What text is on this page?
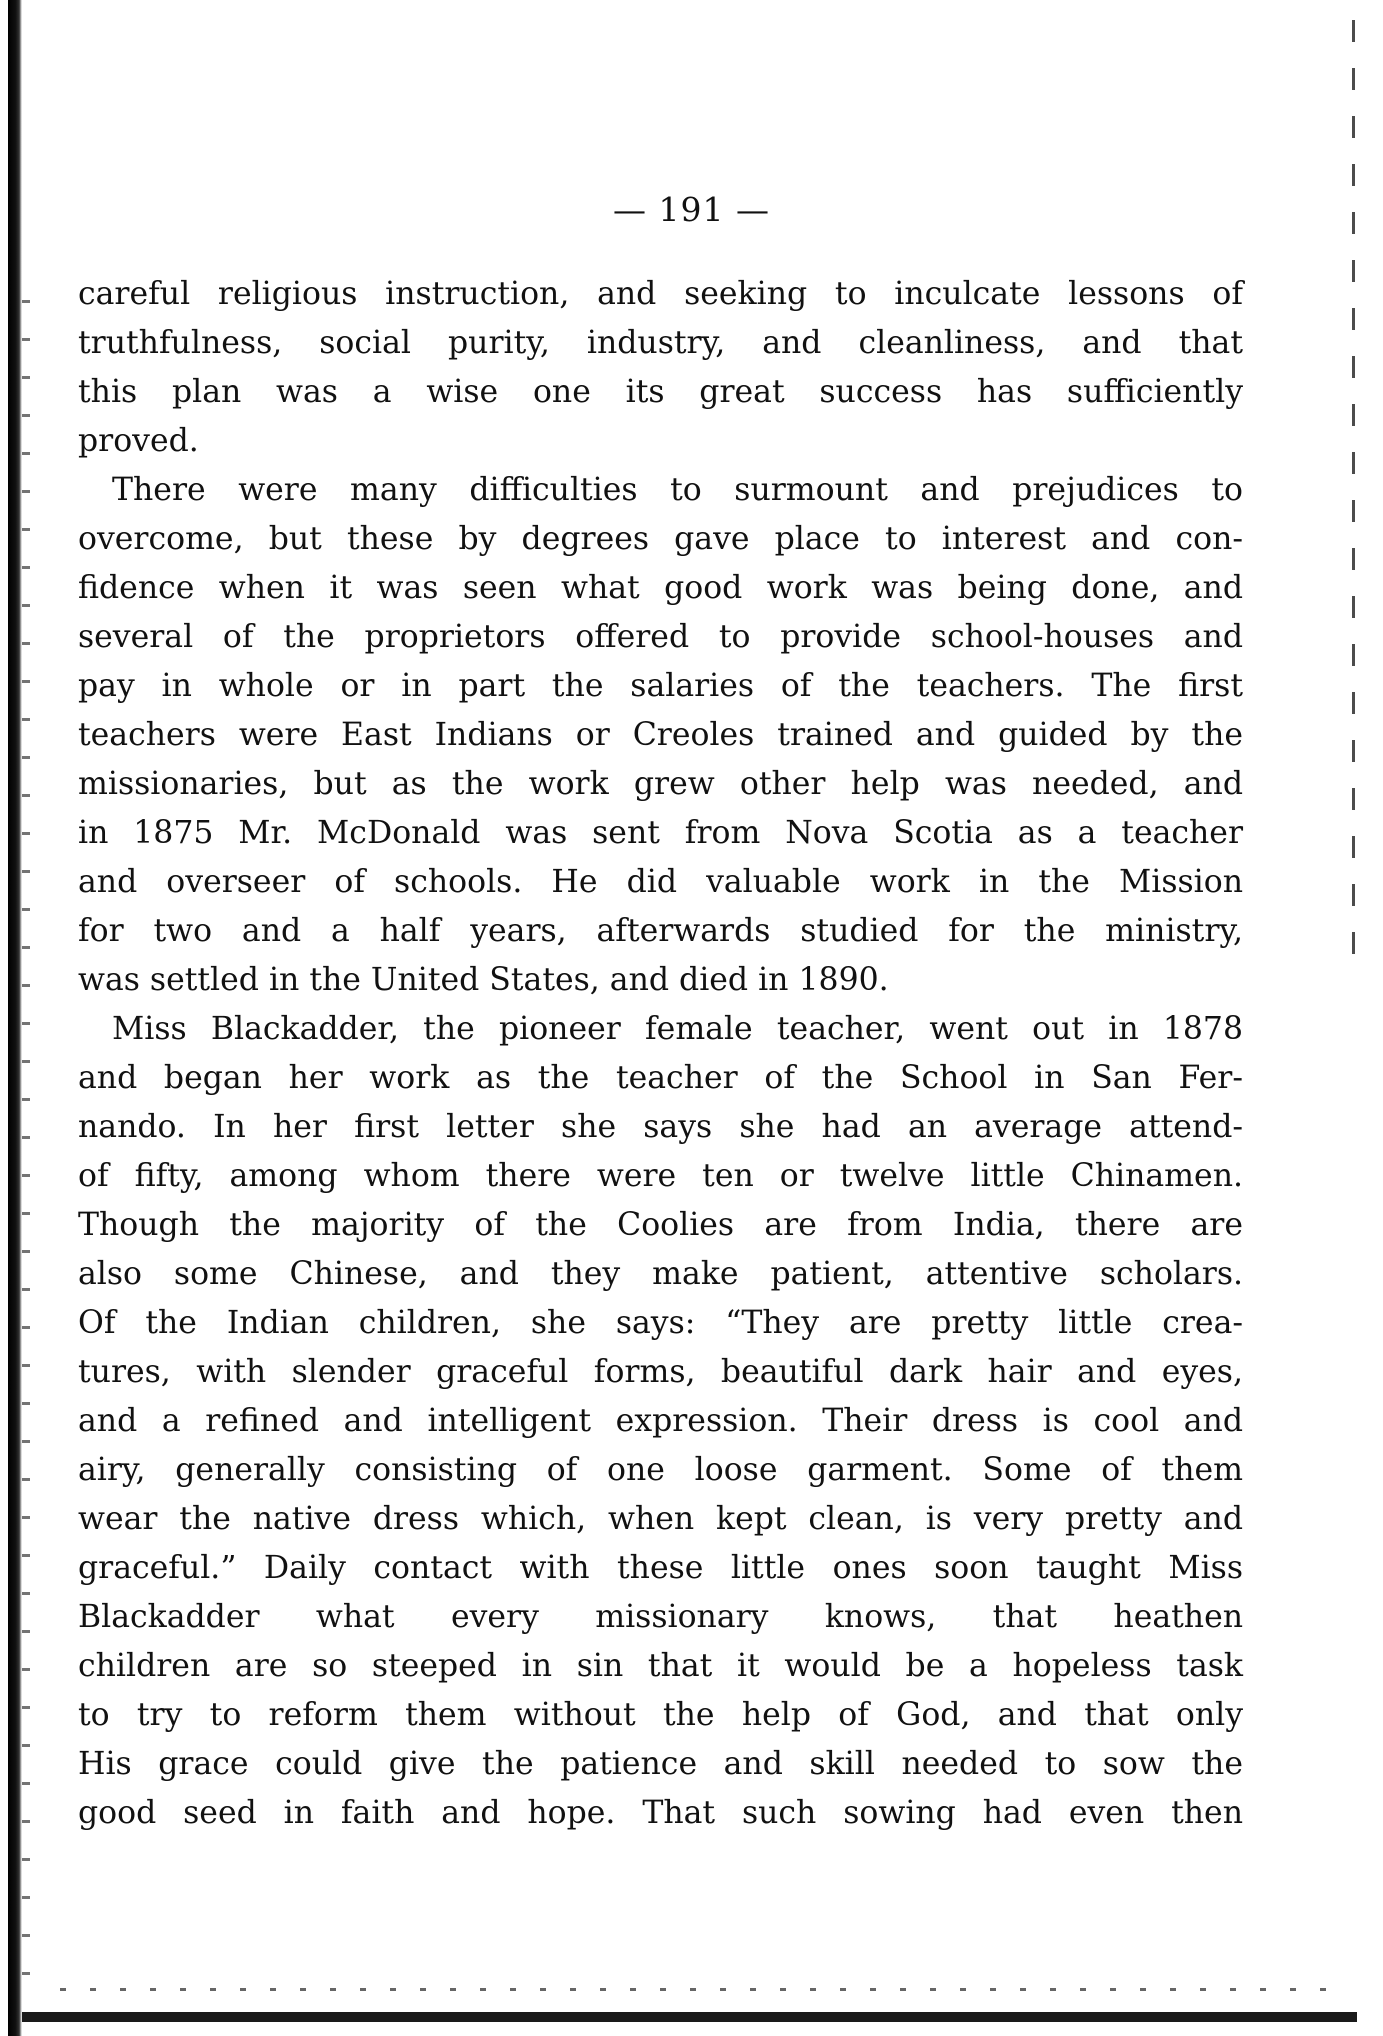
— 191 —

careful religious instruction, and seeking to inculcate lessons of
truthfulness, social purity, industry, and cleanliness, and that
this plan was a wise one its great success has sufficiently
proved.
There were many difficulties to surmount and prejudices to
overcome, but these by degrees gave place to interest and con-
fidence when it was seen what good work was being done, and
several of the proprietors offered to provide school-houses and
pay in whole or in part the salaries of the teachers. The first
teachers were East Indians or Creoles trained and guided by the
missionaries, but as the work grew other help was needed, and
in 1875 Mr. McDonald was sent from Nova Scotia as a teacher
and overseer of schools. He did valuable work in the Mission
for two and a half years, afterwards studied for the ministry,
was settled in the United States, and died in 1890.
Miss Blackadder, the pioneer female teacher, went out in 1878
and began her work as the teacher of the School in San Fer-
nando. In her first letter she says she had an average attend-
of fifty, among whom there were ten or twelve little Chinamen.
Though the majority of the Coolies are from India, there are
also some Chinese, and they make patient, attentive scholars.
Of the Indian children, she says: “They are pretty little crea-
tures, with slender graceful forms, beautiful dark hair and eyes,
and a refined and intelligent expression. Their dress is cool and
airy, generally consisting of one loose garment. Some of them
wear the native dress which, when kept clean, is very pretty and
graceful.” Daily contact with these little ones soon taught Miss
Blackadder what every missionary knows, that heathen
children are so steeped in sin that it would be a hopeless task
to try to reform them without the help of God, and that only
His grace could give the patience and skill needed to sow the
good seed in faith and hope. That such sowing had even then
